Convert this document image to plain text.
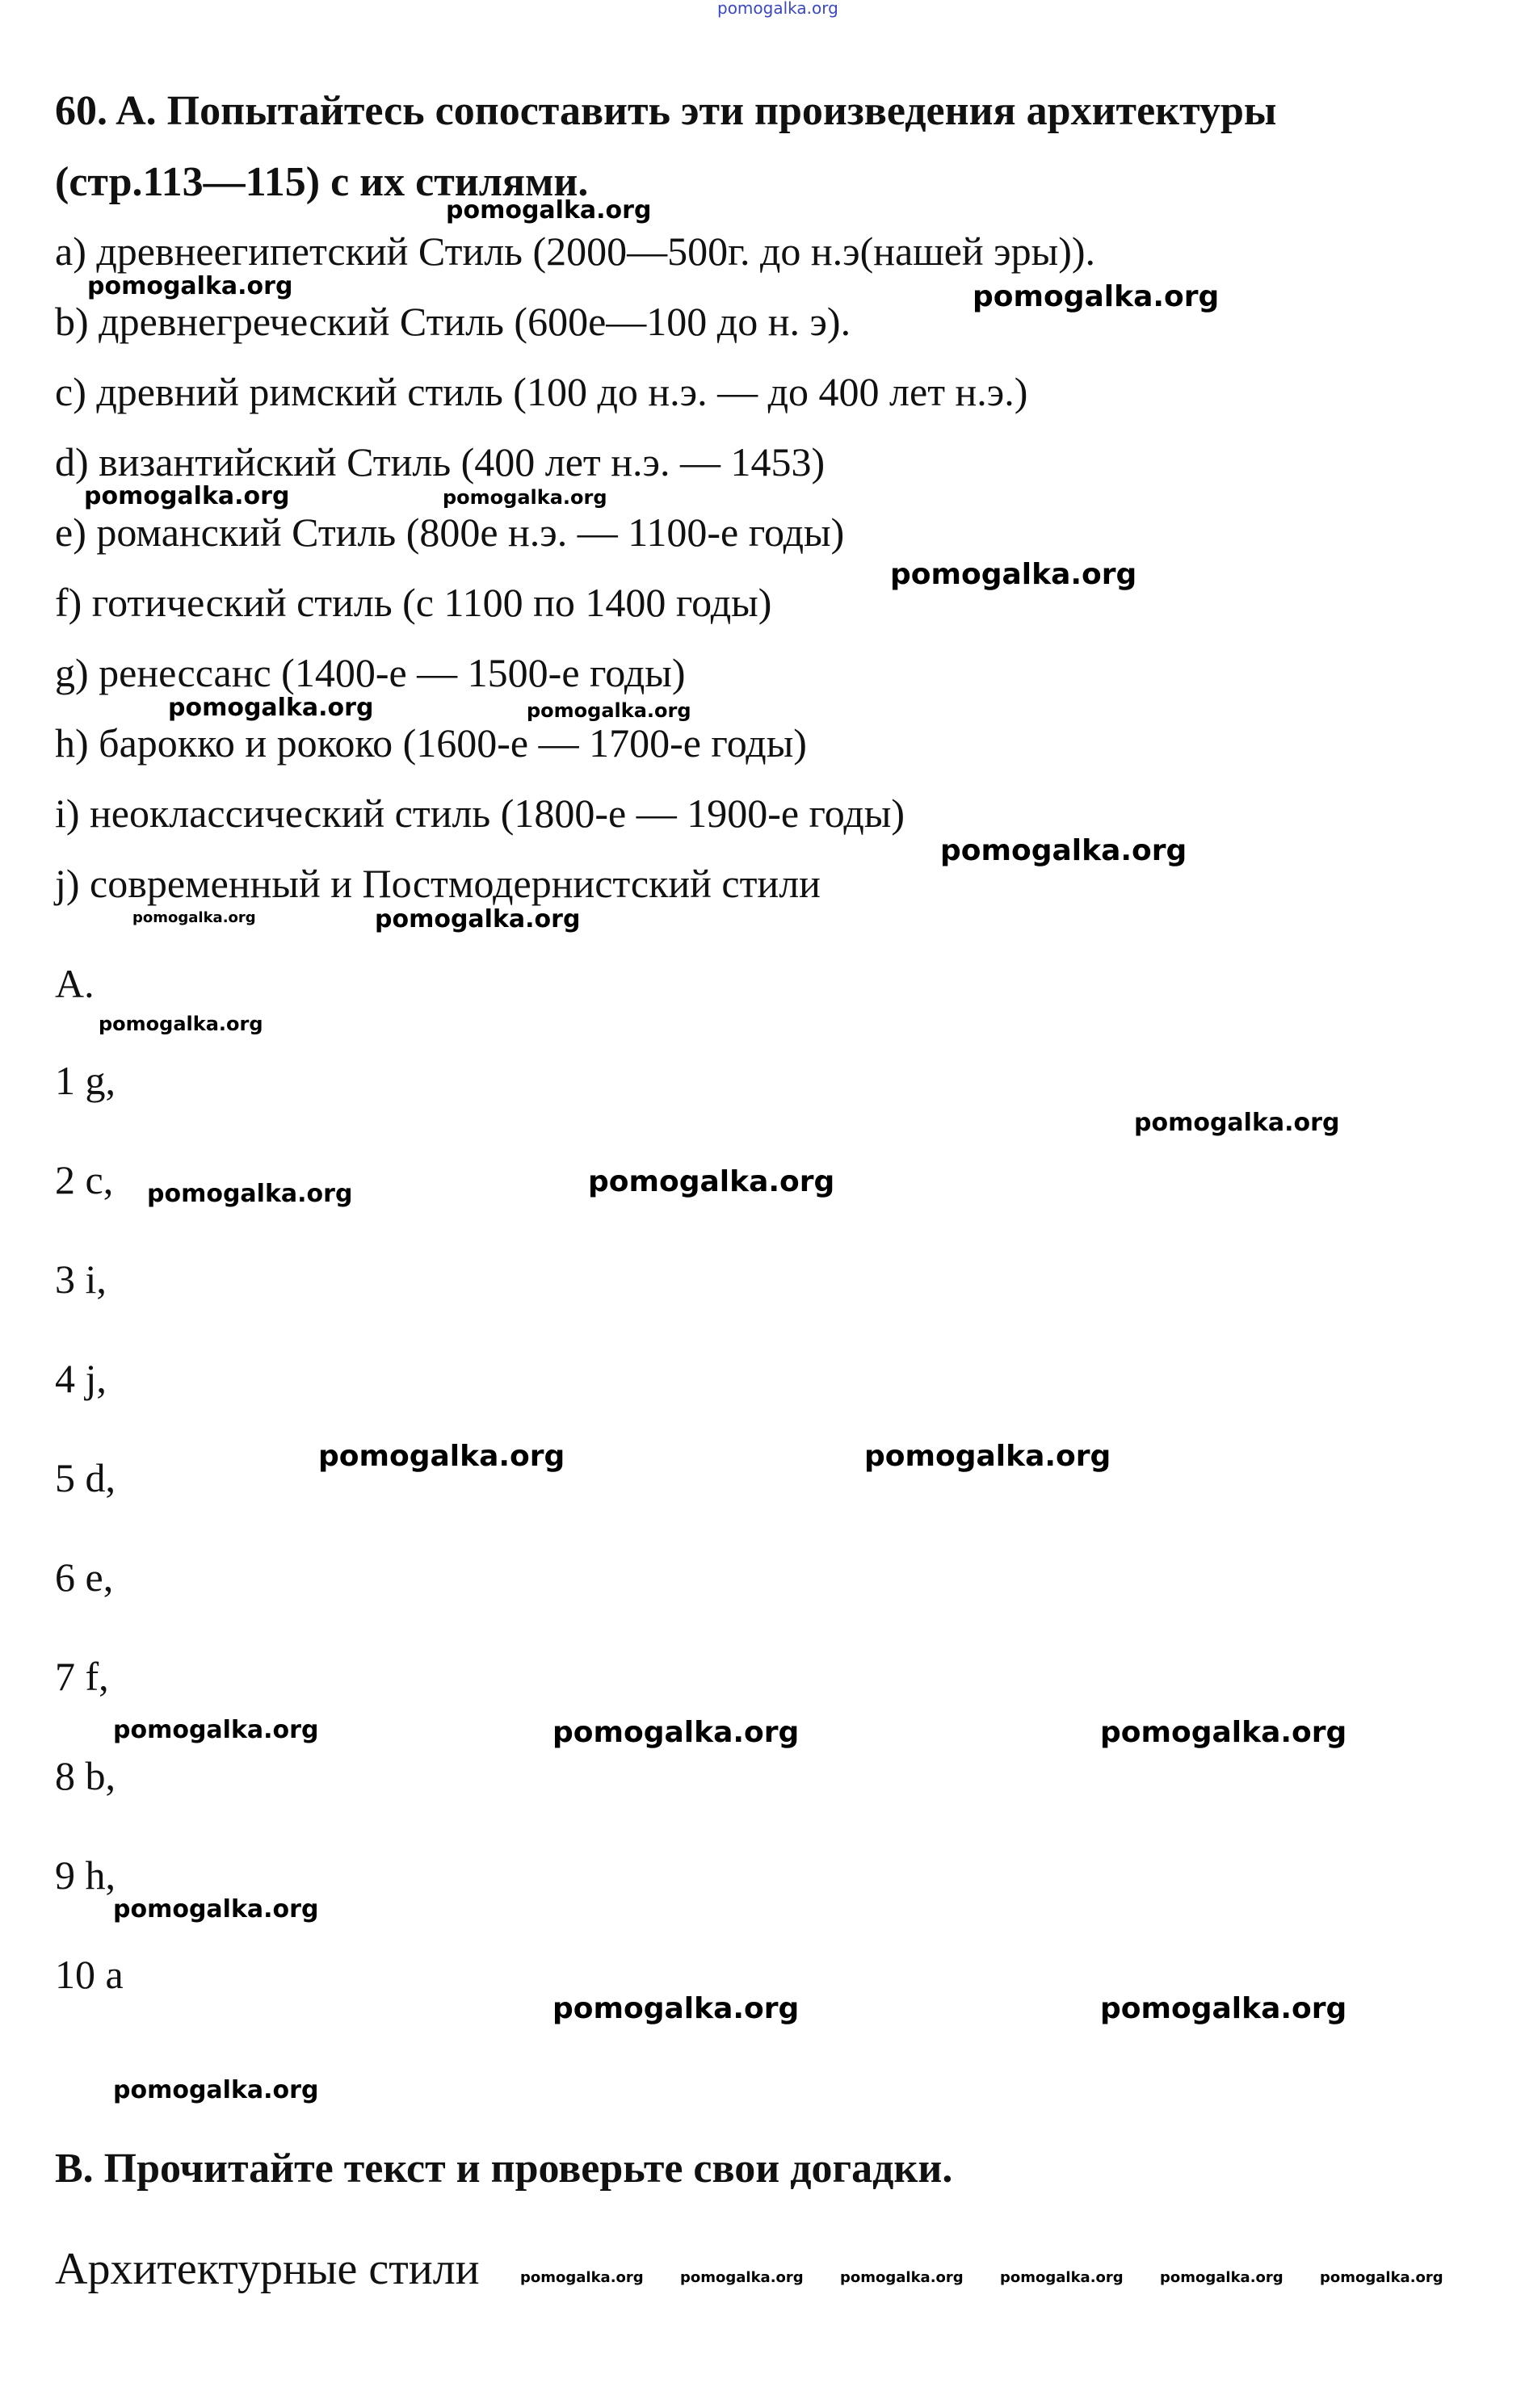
pomogalka.org
60. A. Попытайтесь сопоставить эти произведения архитектуры
(стр.113—115) с их стилями.
a) древнеегипетский Стиль (2000—500г. до н.э(нашей эры)).
b) древнегреческий Стиль (600е—100 до н. э).
c) древний римский стиль (100 до н.э. — до 400 лет н.э.)
d) византийский Стиль (400 лет н.э. — 1453)
e) романский Стиль (800е н.э. — 1100-е годы)
f) готический стиль (с 1100 по 1400 годы)
g) ренессанс (1400-е — 1500-е годы)
h) барокко и рококо (1600-е — 1700-е годы)
i) неоклассический стиль (1800-е — 1900-е годы)
j) современный и Постмодернистский стили
A.
1 g,
2 c,
3 i,
4 j,
5 d,
6 e,
7 f,
8 b,
9 h,
10 a
B. Прочитайте текст и проверьте свои догадки.
Архитектурные стили
pomogalka.org
pomogalka.org	pomogalka.org
pomogalka.org	pomogalka.org
pomogalka.org
pomogalka.org	pomogalka.org
pomogalka.org
pomogalka.org	pomogalka.org
pomogalka.org
pomogalka.org
pomogalka.org
pomogalka.org
pomogalka.org	pomogalka.org
pomogalka.org	pomogalka.org	pomogalka.org
pomogalka.org
pomogalka.org	pomogalka.org
pomogalka.org
pomogalka.org	pomogalka.org	pomogalka.org	pomogalka.org	pomogalka.org	pomogalka.org
